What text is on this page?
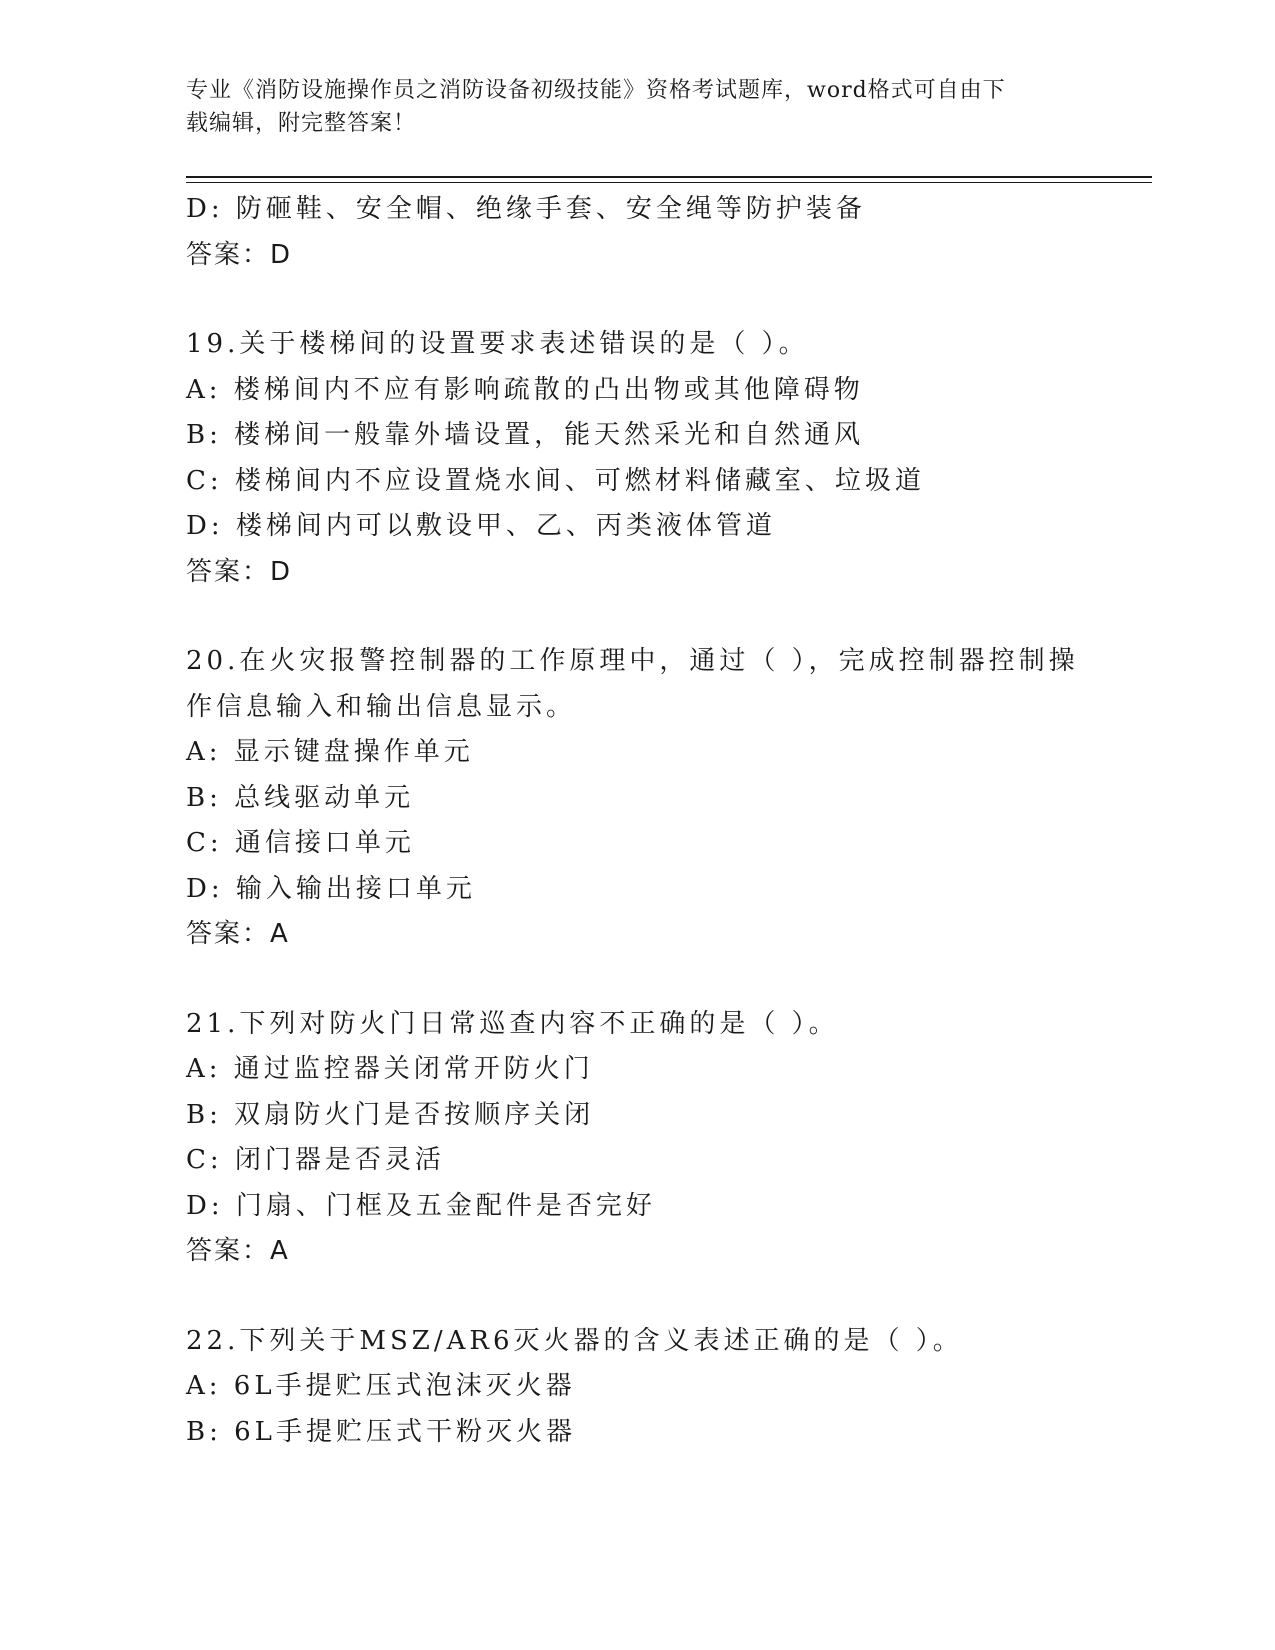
专业《消防设施操作员之消防设备初级技能》资格考试题库，word格式可自由下
载编辑，附完整答案！
D: 防砸鞋、安全帽、绝缘手套、安全绳等防护装备
答案：D
19.关于楼梯间的设置要求表述错误的是（ ）。
A: 楼梯间内不应有影响疏散的凸出物或其他障碍物
B: 楼梯间一般靠外墙设置，能天然采光和自然通风
C: 楼梯间内不应设置烧水间、可燃材料储藏室、垃圾道
D: 楼梯间内可以敷设甲、乙、丙类液体管道
答案：D
20.在火灾报警控制器的工作原理中，通过（ ），完成控制器控制操
作信息输入和输出信息显示。
A: 显示键盘操作单元
B: 总线驱动单元
C: 通信接口单元
D: 输入输出接口单元
答案：A
21.下列对防火门日常巡查内容不正确的是（ ）。
A: 通过监控器关闭常开防火门
B: 双扇防火门是否按顺序关闭
C: 闭门器是否灵活
D: 门扇、门框及五金配件是否完好
答案：A
22.下列关于MSZ/AR6灭火器的含义表述正确的是（ ）。
A: 6L手提贮压式泡沫灭火器
B: 6L手提贮压式干粉灭火器
